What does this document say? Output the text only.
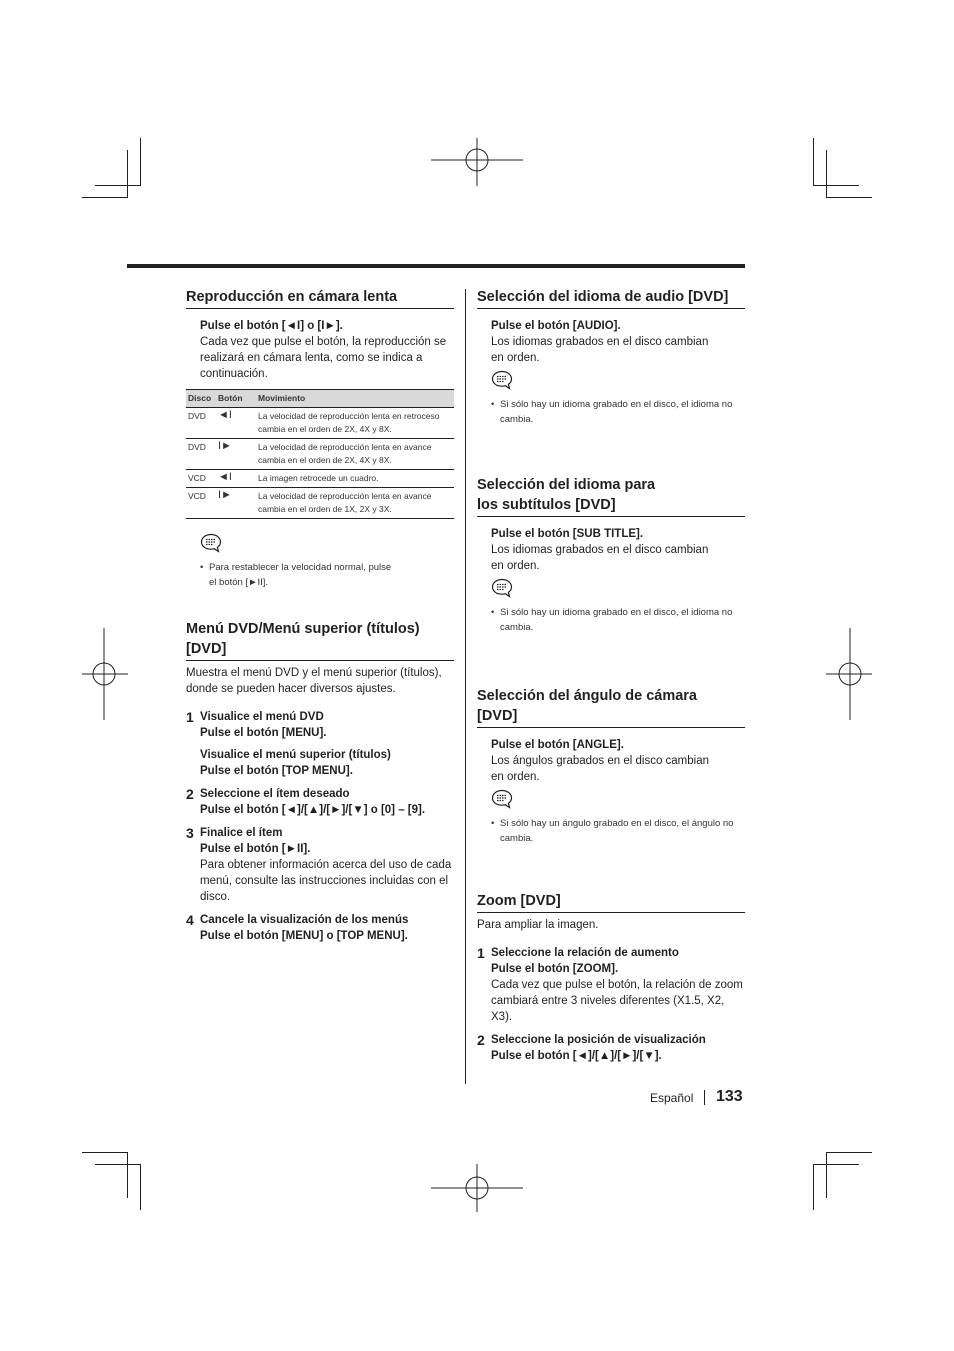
Reproducción en cámara lenta
Pulse el botón [◄I] o [I►].
Cada vez que pulse el botón, la reproducción se realizará en cámara lenta, como se indica a continuación.
Disco	Botón	Movimiento
DVD	◄I	La velocidad de reproducción lenta en retroceso cambia en el orden de 2X, 4X y 8X.
DVD	I►	La velocidad de reproducción lenta en avance cambia en el orden de 2X, 4X y 8X.
VCD	◄I	La imagen retrocede un cuadro.
VCD	I►	La velocidad de reproducción lenta en avance cambia en el orden de 1X, 2X y 3X.
• Para restablecer la velocidad normal, pulse el botón [►II].
Menú DVD/Menú superior (títulos) [DVD]
Muestra el menú DVD y el menú superior (títulos), donde se pueden hacer diversos ajustes.
1 Visualice el menú DVD
Pulse el botón [MENU].
Visualice el menú superior (títulos)
Pulse el botón [TOP MENU].
2 Seleccione el ítem deseado
Pulse el botón [◄]/[▲]/[►]/[▼] o [0] – [9].
3 Finalice el ítem
Pulse el botón [►II].
Para obtener información acerca del uso de cada menú, consulte las instrucciones incluidas con el disco.
4 Cancele la visualización de los menús
Pulse el botón [MENU] o [TOP MENU].
Selección del idioma de audio [DVD]
Pulse el botón [AUDIO].
Los idiomas grabados en el disco cambian en orden.
• Si sólo hay un idioma grabado en el disco, el idioma no cambia.
Selección del idioma para
los subtítulos [DVD]
Pulse el botón [SUB TITLE].
Los idiomas grabados en el disco cambian en orden.
• Si sólo hay un idioma grabado en el disco, el idioma no cambia.
Selección del ángulo de cámara
[DVD]
Pulse el botón [ANGLE].
Los ángulos grabados en el disco cambian en orden.
• Si sólo hay un ángulo grabado en el disco, el ángulo no cambia.
Zoom [DVD]
Para ampliar la imagen.
1 Seleccione la relación de aumento
Pulse el botón [ZOOM].
Cada vez que pulse el botón, la relación de zoom cambiará entre 3 niveles diferentes (X1.5, X2, X3).
2 Seleccione la posición de visualización
Pulse el botón [◄]/[▲]/[►]/[▼].
Español 133
